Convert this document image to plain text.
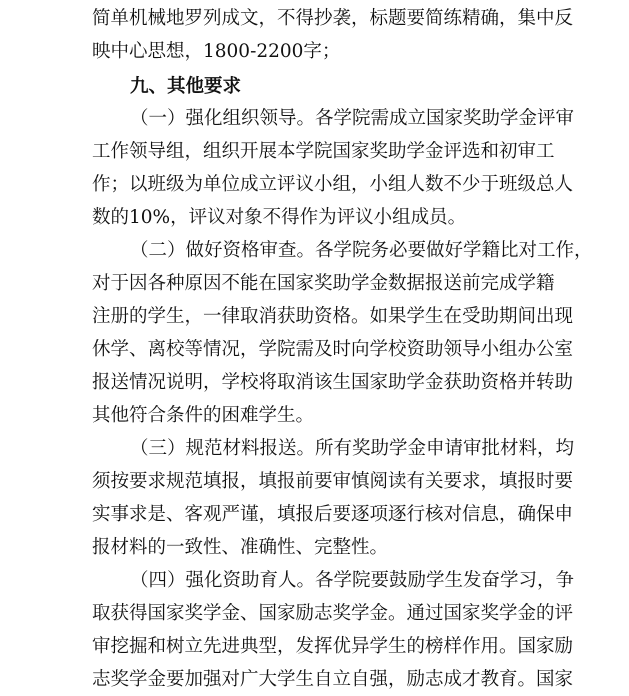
简单机械地罗列成文，不得抄袭，标题要简练精确，集中反
映中心思想，1800-2200字；
九、其他要求
（一）强化组织领导。各学院需成立国家奖助学金评审
工作领导组，组织开展本学院国家奖助学金评选和初审工
作；以班级为单位成立评议小组，小组人数不少于班级总人
数的10%，评议对象不得作为评议小组成员。
（二）做好资格审查。各学院务必要做好学籍比对工作，
对于因各种原因不能在国家奖助学金数据报送前完成学籍
注册的学生，一律取消获助资格。如果学生在受助期间出现
休学、离校等情况，学院需及时向学校资助领导小组办公室
报送情况说明，学校将取消该生国家助学金获助资格并转助
其他符合条件的困难学生。
（三）规范材料报送。所有奖助学金申请审批材料，均
须按要求规范填报，填报前要审慎阅读有关要求，填报时要
实事求是、客观严谨，填报后要逐项逐行核对信息，确保申
报材料的一致性、准确性、完整性。
（四）强化资助育人。各学院要鼓励学生发奋学习，争
取获得国家奖学金、国家励志奖学金。通过国家奖学金的评
审挖掘和树立先进典型，发挥优异学生的榜样作用。国家励
志奖学金要加强对广大学生自立自强，励志成才教育。国家
